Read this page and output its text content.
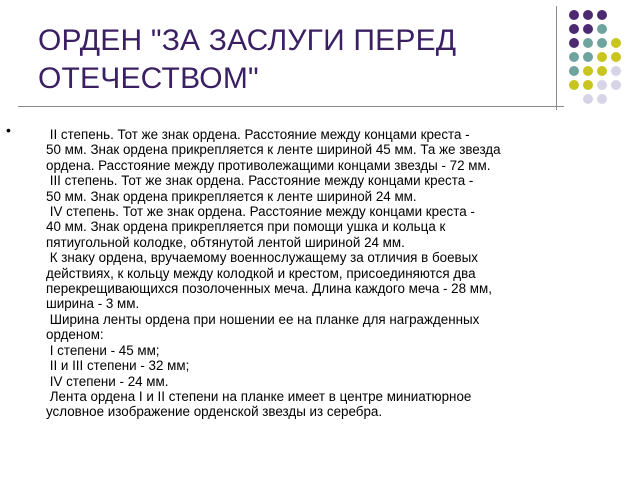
ОРДЕН "ЗА ЗАСЛУГИ ПЕРЕД
ОТЕЧЕСТВОМ"
•	II степень. Тот же знак ордена. Расстояние между концами креста -
50 мм. Знак ордена прикрепляется к ленте шириной 45 мм. Та же звезда
ордена. Расстояние между противолежащими концами звезды - 72 мм.
III степень. Тот же знак ордена. Расстояние между концами креста -
50 мм. Знак ордена прикрепляется к ленте шириной 24 мм.
IV степень. Тот же знак ордена. Расстояние между концами креста -
40 мм. Знак ордена прикрепляется при помощи ушка и кольца к
пятиугольной колодке, обтянутой лентой шириной 24 мм.
К знаку ордена, вручаемому военнослужащему за отличия в боевых
действиях, к кольцу между колодкой и крестом, присоединяются два
перекрещивающихся позолоченных меча. Длина каждого меча - 28 мм,
ширина - 3 мм.
Ширина ленты ордена при ношении ее на планке для награжденных
орденом:
I степени - 45 мм;
II и III степени - 32 мм;
IV степени - 24 мм.
Лента ордена I и II степени на планке имеет в центре миниатюрное
условное изображение орденской звезды из серебра.
